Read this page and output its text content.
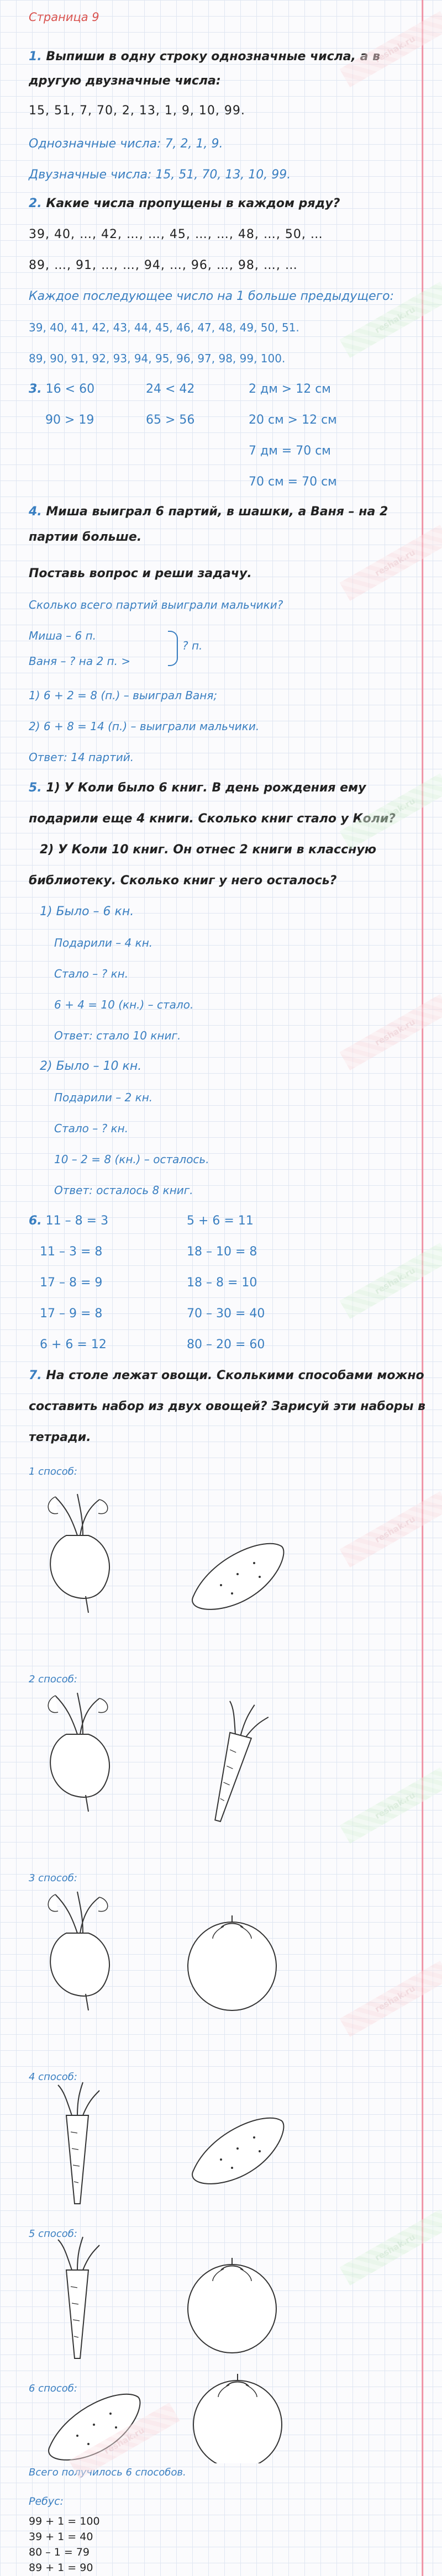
Страница 9
1. Выпиши в одну строку однозначные числа, а в
другую двузначные числа:
15, 51, 7, 70, 2, 13, 1, 9, 10, 99.
Однозначные числа: 7, 2, 1, 9.
Двузначные числа: 15, 51, 70, 13, 10, 99.
2. Какие числа пропущены в каждом ряду?
39, 40, …, 42, …, …, 45, …, …, 48, …, 50, …
89, …, 91, …, …, 94, …, 96, …, 98, …, …
Каждое последующее число на 1 больше предыдущего:
39, 40, 41, 42, 43, 44, 45, 46, 47, 48, 49, 50, 51.
89, 90, 91, 92, 93, 94, 95, 96, 97, 98, 99, 100.
3. 16 < 60
90 > 19
24 < 42
65 > 56
2 дм > 12 см
20 см > 12 см
7 дм = 70 см
70 см = 70 см
4. Миша выиграл 6 партий, в шашки, а Ваня – на 2
партии больше.
Поставь вопрос и реши задачу.
Сколько всего партий выиграли мальчики?
Миша – 6 п.
Ваня – ? на 2 п. >
? п.
1) 6 + 2 = 8 (п.) – выиграл Ваня;
2) 6 + 8 = 14 (п.) – выиграли мальчики.
Ответ: 14 партий.
5. 1) У Коли было 6 книг. В день рождения ему
подарили еще 4 книги. Сколько книг стало у Коли?
2) У Коли 10 книг. Он отнес 2 книги в классную
библиотеку. Сколько книг у него осталось?
1) Было – 6 кн.
Подарили – 4 кн.
Стало – ? кн.
6 + 4 = 10 (кн.) – стало.
Ответ: стало 10 книг.
2) Было – 10 кн.
Подарили – 2 кн.
Стало – ? кн.
10 – 2 = 8 (кн.) – осталось.
Ответ: осталось 8 книг.
6. 11 – 8 = 3
11 – 3 = 8
17 – 8 = 9
17 – 9 = 8
6 + 6 = 12
5 + 6 = 11
18 – 10 = 8
18 – 8 = 10
70 – 30 = 40
80 – 20 = 60
7. На столе лежат овощи. Сколькими способами можно
составить набор из двух овощей? Зарисуй эти наборы в
тетради.
1 способ:
2 способ:
3 способ:
4 способ:
5 способ:
6 способ:
Всего получилось 6 способов.
Ребус:
99 + 1 = 100
39 + 1 = 40
80 – 1 = 79
89 + 1 = 90
reshak.ru
reshak.ru
reshak.ru
reshak.ru
reshak.ru
reshak.ru
reshak.ru
reshak.ru
reshak.ru
reshak.ru
reshak.ru
